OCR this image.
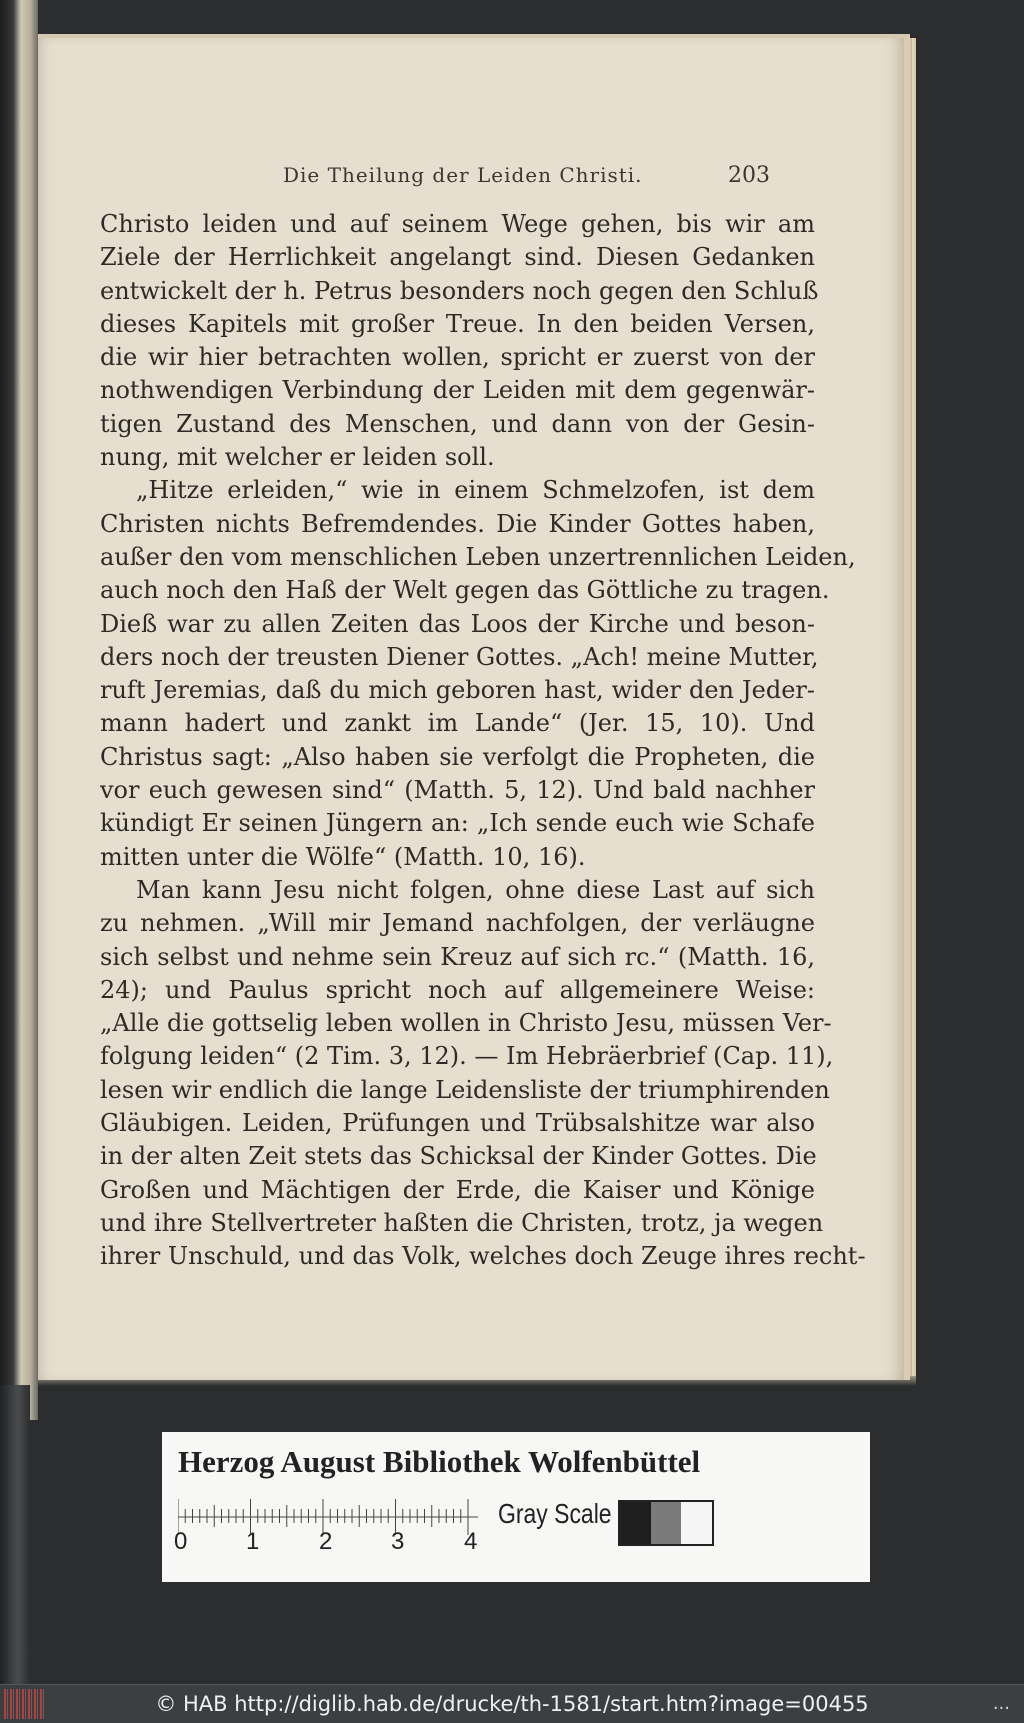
Die Theilung der Leiden Christi.	203
Christo leiden und auf seinem Wege gehen, bis wir am
Ziele der Herrlichkeit angelangt sind. Diesen Gedanken
entwickelt der h. Petrus besonders noch gegen den Schluß
dieses Kapitels mit großer Treue. In den beiden Versen,
die wir hier betrachten wollen, spricht er zuerst von der
nothwendigen Verbindung der Leiden mit dem gegenwär-
tigen Zustand des Menschen, und dann von der Gesin-
nung, mit welcher er leiden soll.
„Hitze erleiden,“ wie in einem Schmelzofen, ist dem
Christen nichts Befremdendes. Die Kinder Gottes haben,
außer den vom menschlichen Leben unzertrennlichen Leiden,
auch noch den Haß der Welt gegen das Göttliche zu tragen.
Dieß war zu allen Zeiten das Loos der Kirche und beson-
ders noch der treusten Diener Gottes. „Ach! meine Mutter,
ruft Jeremias, daß du mich geboren hast, wider den Jeder-
mann hadert und zankt im Lande“ (Jer. 15, 10). Und
Christus sagt: „Also haben sie verfolgt die Propheten, die
vor euch gewesen sind“ (Matth. 5, 12). Und bald nachher
kündigt Er seinen Jüngern an: „Ich sende euch wie Schafe
mitten unter die Wölfe“ (Matth. 10, 16).
Man kann Jesu nicht folgen, ohne diese Last auf sich
zu nehmen. „Will mir Jemand nachfolgen, der verläugne
sich selbst und nehme sein Kreuz auf sich rc.“ (Matth. 16,
24); und Paulus spricht noch auf allgemeinere Weise:
„Alle die gottselig leben wollen in Christo Jesu, müssen Ver-
folgung leiden“ (2 Tim. 3, 12). — Im Hebräerbrief (Cap. 11),
lesen wir endlich die lange Leidensliste der triumphirenden
Gläubigen. Leiden, Prüfungen und Trübsalshitze war also
in der alten Zeit stets das Schicksal der Kinder Gottes. Die
Großen und Mächtigen der Erde, die Kaiser und Könige
und ihre Stellvertreter haßten die Christen, trotz, ja wegen
ihrer Unschuld, und das Volk, welches doch Zeuge ihres recht-
Herzog August Bibliothek Wolfenbüttel
0 1 2 3 4
Gray Scale
© HAB http://diglib.hab.de/drucke/th-1581/start.htm?image=00455	...
